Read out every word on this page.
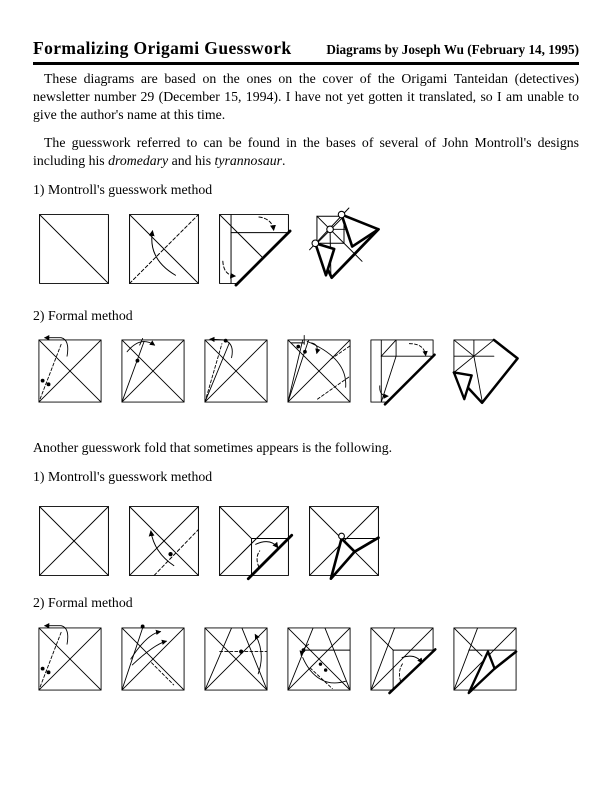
Formalizing Origami Guesswork	Diagrams by Joseph Wu (February 14, 1995)

These diagrams are based on the ones on the cover of the Origami Tanteidan (detectives) newsletter number 29 (December 15, 1994). I have not yet gotten it translated, so I am unable to give the author's name at this time.

The guesswork referred to can be found in the bases of several of John Montroll's designs including his dromedary and his tyrannosaur.

1) Montroll's guesswork method
2) Formal method
Another guesswork fold that sometimes appears is the following.
1) Montroll's guesswork method
2) Formal method
